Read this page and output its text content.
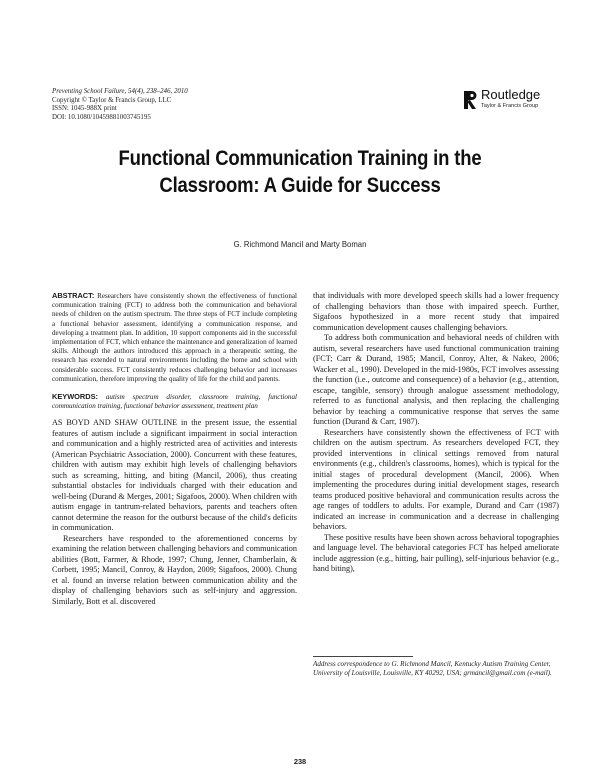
Preventing School Failure, 54(4), 238–246, 2010
Copyright © Taylor & Francis Group, LLC
ISSN: 1045-988X print
DOI: 10.1080/10459881003745195
Routledge
Taylor & Francis Group
Functional Communication Training in the
Classroom: A Guide for Success
G. Richmond Mancil and Marty Boman

ABSTRACT: Researchers have consistently shown the effectiveness of functional communication training (FCT) to address both the communication and behavioral needs of children on the autism spectrum. The three steps of FCT include completing a functional behavior assessment, identifying a communication response, and developing a treatment plan. In addition, 10 support components aid in the successful implementation of FCT, which enhance the maintenance and generalization of learned skills. Although the authors introduced this approach in a therapeutic setting, the research has extended to natural environments including the home and school with considerable success. FCT consistently reduces challenging behavior and increases communication, therefore improving the quality of life for the child and parents.

KEYWORDS: autism spectrum disorder, classroom training, functional communication training, functional behavior assessment, treatment plan

AS BOYD AND SHAW OUTLINE in the present issue, the essential features of autism include a significant impairment in social interaction and communication and a highly restricted area of activities and interests (American Psychiatric Association, 2000). Concurrent with these features, children with autism may exhibit high levels of challenging behaviors such as screaming, hitting, and biting (Mancil, 2006), thus creating substantial obstacles for individuals charged with their education and well-being (Durand & Merges, 2001; Sigafoos, 2000). When children with autism engage in tantrum-related behaviors, parents and teachers often cannot determine the reason for the outburst because of the child's deficits in communication.

Researchers have responded to the aforementioned concerns by examining the relation between challenging behaviors and communication abilities (Bott, Farmer, & Rhode, 1997; Chung, Jenner, Chamberlain, & Corbett, 1995; Mancil, Conroy, & Haydon, 2009; Sigafoos, 2000). Chung et al. found an inverse relation between communication ability and the display of challenging behaviors such as self-injury and aggression. Similarly, Bott et al. discovered

that individuals with more developed speech skills had a lower frequency of challenging behaviors than those with impaired speech. Further, Sigafoos hypothesized in a more recent study that impaired communication development causes challenging behaviors.

To address both communication and behavioral needs of children with autism, several researchers have used functional communication training (FCT; Carr & Durand, 1985; Mancil, Conroy, Alter, & Nakeo, 2006; Wacker et al., 1990). Developed in the mid-1980s, FCT involves assessing the function (i.e., outcome and consequence) of a behavior (e.g., attention, escape, tangible, sensory) through analogue assessment methodology, referred to as functional analysis, and then replacing the challenging behavior by teaching a communicative response that serves the same function (Durand & Carr, 1987).

Researchers have consistently shown the effectiveness of FCT with children on the autism spectrum. As researchers developed FCT, they provided interventions in clinical settings removed from natural environments (e.g., children's classrooms, homes), which is typical for the initial stages of procedural development (Mancil, 2006). When implementing the procedures during initial development stages, research teams produced positive behavioral and communication results across the age ranges of toddlers to adults. For example, Durand and Carr (1987) indicated an increase in communication and a decrease in challenging behaviors.

These positive results have been shown across behavioral topographies and language level. The behavioral categories FCT has helped ameliorate include aggression (e.g., hitting, hair pulling), self-injurious behavior (e.g., hand biting),

Address correspondence to G. Richmond Mancil, Kentucky Autism Training Center, University of Louisville, Louisville, KY 40292, USA; grmancil@gmail.com (e-mail).
238
